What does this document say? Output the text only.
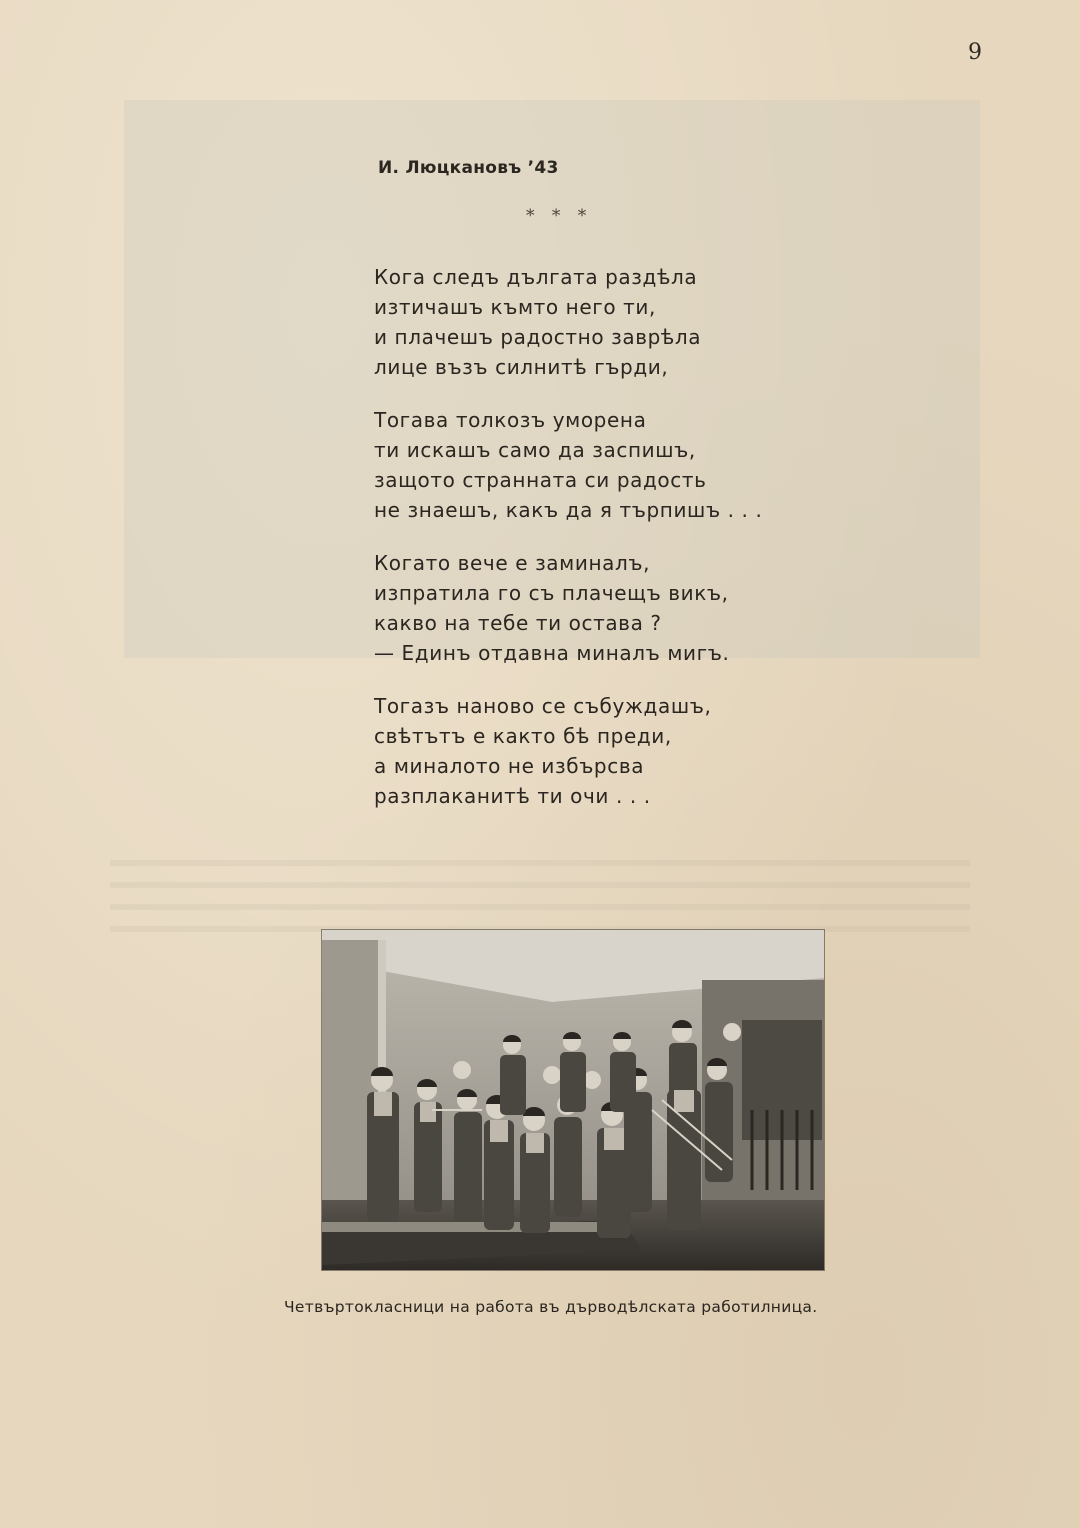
9
И. Люцкановъ ’43
* * *
Кога следъ дългата раздѣла
изтичашъ къмто него ти,
и плачешъ радостно заврѣла
лице възъ силнитѣ гърди,
Тогава толкозъ уморена
ти искашъ само да заспишъ,
защото странната си радость
не знаешъ, какъ да я търпишъ . . .
Когато вече е заминалъ,
изпратила го съ плачещъ викъ,
какво на тебе ти остава ?
— Единъ отдавна миналъ мигъ.
Тогазъ наново се събуждашъ,
свѣтътъ е както бѣ преди,
а миналото не избърсва
разплаканитѣ ти очи . . .
Четвъртокласници на работа въ дърводѣлската работилница.
